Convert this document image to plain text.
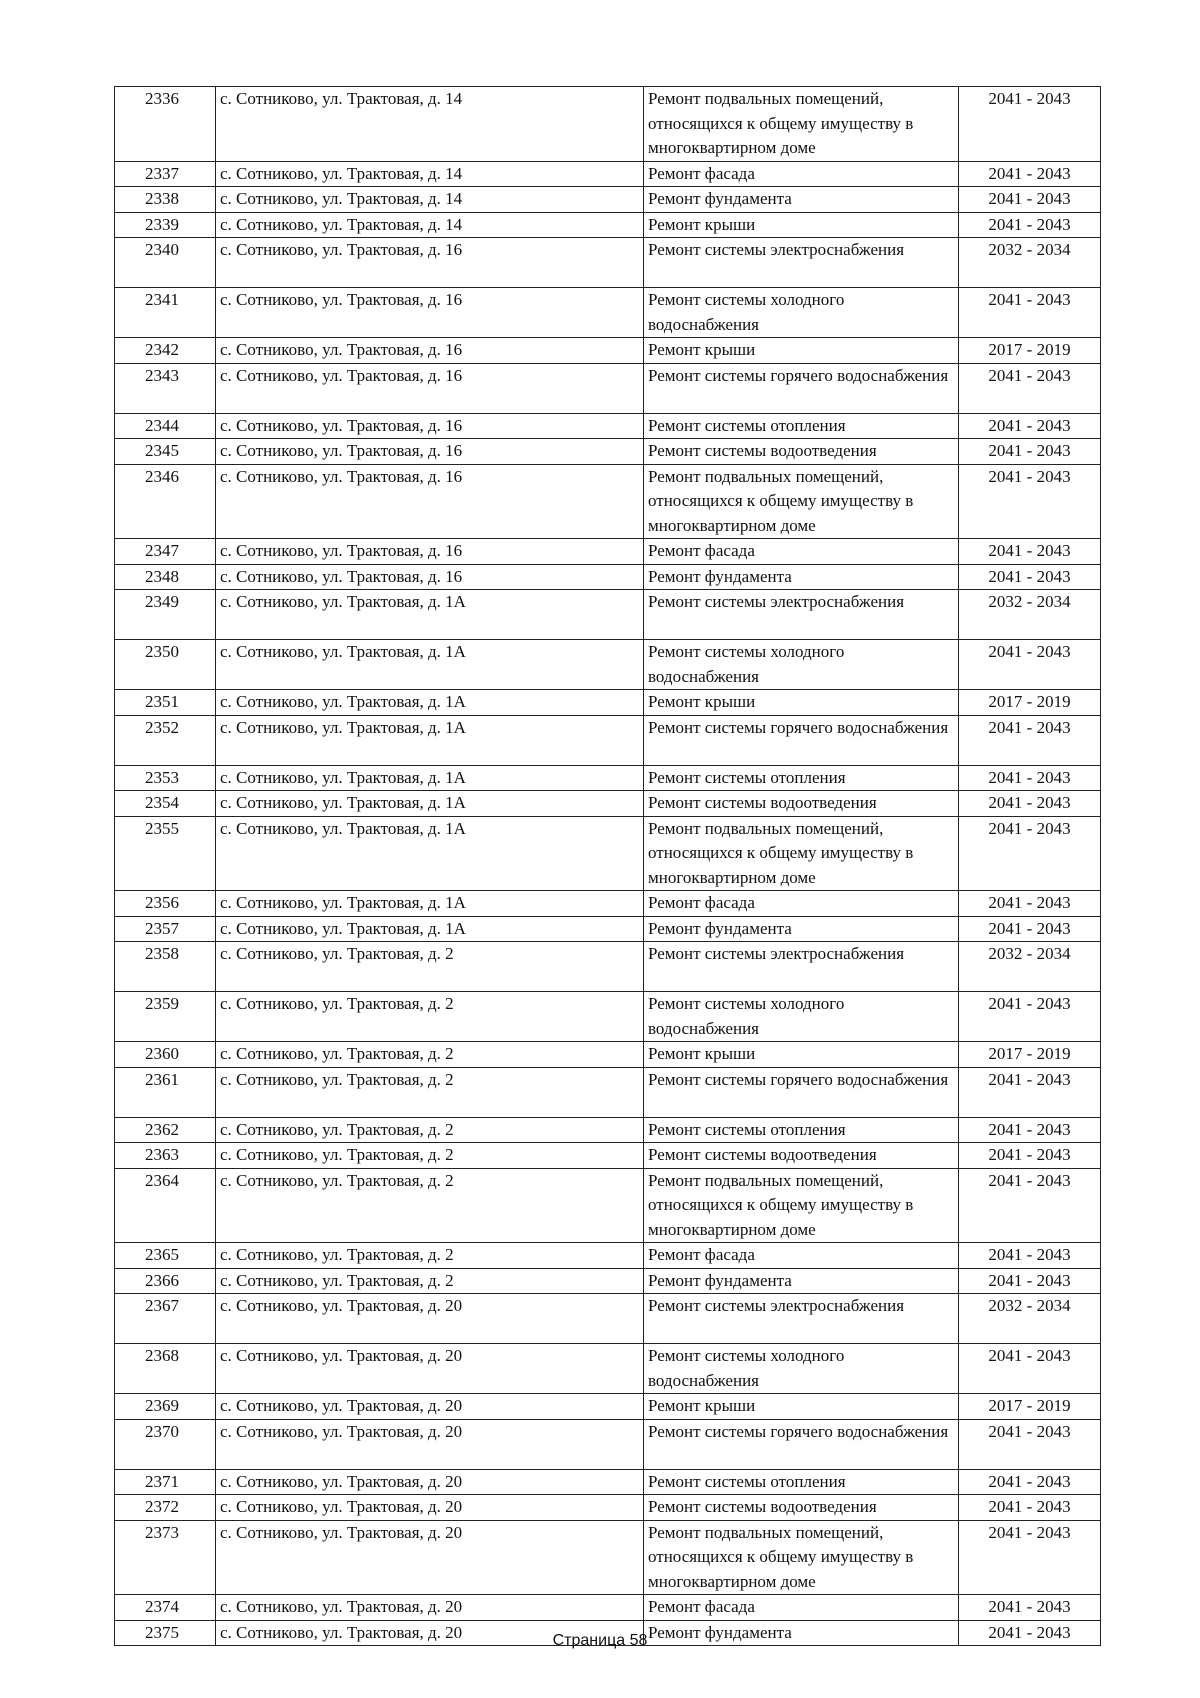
2336	с. Сотниково, ул. Трактовая, д. 14	Ремонт подвальных помещений, относящихся к общему имуществу в многоквартирном доме	2041 - 2043
2337	с. Сотниково, ул. Трактовая, д. 14	Ремонт фасада	2041 - 2043
2338	с. Сотниково, ул. Трактовая, д. 14	Ремонт фундамента	2041 - 2043
2339	с. Сотниково, ул. Трактовая, д. 14	Ремонт крыши	2041 - 2043
2340	с. Сотниково, ул. Трактовая, д. 16	Ремонт системы электроснабжения	2032 - 2034
2341	с. Сотниково, ул. Трактовая, д. 16	Ремонт системы холодного водоснабжения	2041 - 2043
2342	с. Сотниково, ул. Трактовая, д. 16	Ремонт крыши	2017 - 2019
2343	с. Сотниково, ул. Трактовая, д. 16	Ремонт системы горячего водоснабжения	2041 - 2043
2344	с. Сотниково, ул. Трактовая, д. 16	Ремонт системы отопления	2041 - 2043
2345	с. Сотниково, ул. Трактовая, д. 16	Ремонт системы водоотведения	2041 - 2043
2346	с. Сотниково, ул. Трактовая, д. 16	Ремонт подвальных помещений, относящихся к общему имуществу в многоквартирном доме	2041 - 2043
2347	с. Сотниково, ул. Трактовая, д. 16	Ремонт фасада	2041 - 2043
2348	с. Сотниково, ул. Трактовая, д. 16	Ремонт фундамента	2041 - 2043
2349	с. Сотниково, ул. Трактовая, д. 1А	Ремонт системы электроснабжения	2032 - 2034
2350	с. Сотниково, ул. Трактовая, д. 1А	Ремонт системы холодного водоснабжения	2041 - 2043
2351	с. Сотниково, ул. Трактовая, д. 1А	Ремонт крыши	2017 - 2019
2352	с. Сотниково, ул. Трактовая, д. 1А	Ремонт системы горячего водоснабжения	2041 - 2043
2353	с. Сотниково, ул. Трактовая, д. 1А	Ремонт системы отопления	2041 - 2043
2354	с. Сотниково, ул. Трактовая, д. 1А	Ремонт системы водоотведения	2041 - 2043
2355	с. Сотниково, ул. Трактовая, д. 1А	Ремонт подвальных помещений, относящихся к общему имуществу в многоквартирном доме	2041 - 2043
2356	с. Сотниково, ул. Трактовая, д. 1А	Ремонт фасада	2041 - 2043
2357	с. Сотниково, ул. Трактовая, д. 1А	Ремонт фундамента	2041 - 2043
2358	с. Сотниково, ул. Трактовая, д. 2	Ремонт системы электроснабжения	2032 - 2034
2359	с. Сотниково, ул. Трактовая, д. 2	Ремонт системы холодного водоснабжения	2041 - 2043
2360	с. Сотниково, ул. Трактовая, д. 2	Ремонт крыши	2017 - 2019
2361	с. Сотниково, ул. Трактовая, д. 2	Ремонт системы горячего водоснабжения	2041 - 2043
2362	с. Сотниково, ул. Трактовая, д. 2	Ремонт системы отопления	2041 - 2043
2363	с. Сотниково, ул. Трактовая, д. 2	Ремонт системы водоотведения	2041 - 2043
2364	с. Сотниково, ул. Трактовая, д. 2	Ремонт подвальных помещений, относящихся к общему имуществу в многоквартирном доме	2041 - 2043
2365	с. Сотниково, ул. Трактовая, д. 2	Ремонт фасада	2041 - 2043
2366	с. Сотниково, ул. Трактовая, д. 2	Ремонт фундамента	2041 - 2043
2367	с. Сотниково, ул. Трактовая, д. 20	Ремонт системы электроснабжения	2032 - 2034
2368	с. Сотниково, ул. Трактовая, д. 20	Ремонт системы холодного водоснабжения	2041 - 2043
2369	с. Сотниково, ул. Трактовая, д. 20	Ремонт крыши	2017 - 2019
2370	с. Сотниково, ул. Трактовая, д. 20	Ремонт системы горячего водоснабжения	2041 - 2043
2371	с. Сотниково, ул. Трактовая, д. 20	Ремонт системы отопления	2041 - 2043
2372	с. Сотниково, ул. Трактовая, д. 20	Ремонт системы водоотведения	2041 - 2043
2373	с. Сотниково, ул. Трактовая, д. 20	Ремонт подвальных помещений, относящихся к общему имуществу в многоквартирном доме	2041 - 2043
2374	с. Сотниково, ул. Трактовая, д. 20	Ремонт фасада	2041 - 2043
2375	с. Сотниково, ул. Трактовая, д. 20	Ремонт фундамента	2041 - 2043
Страница 58
